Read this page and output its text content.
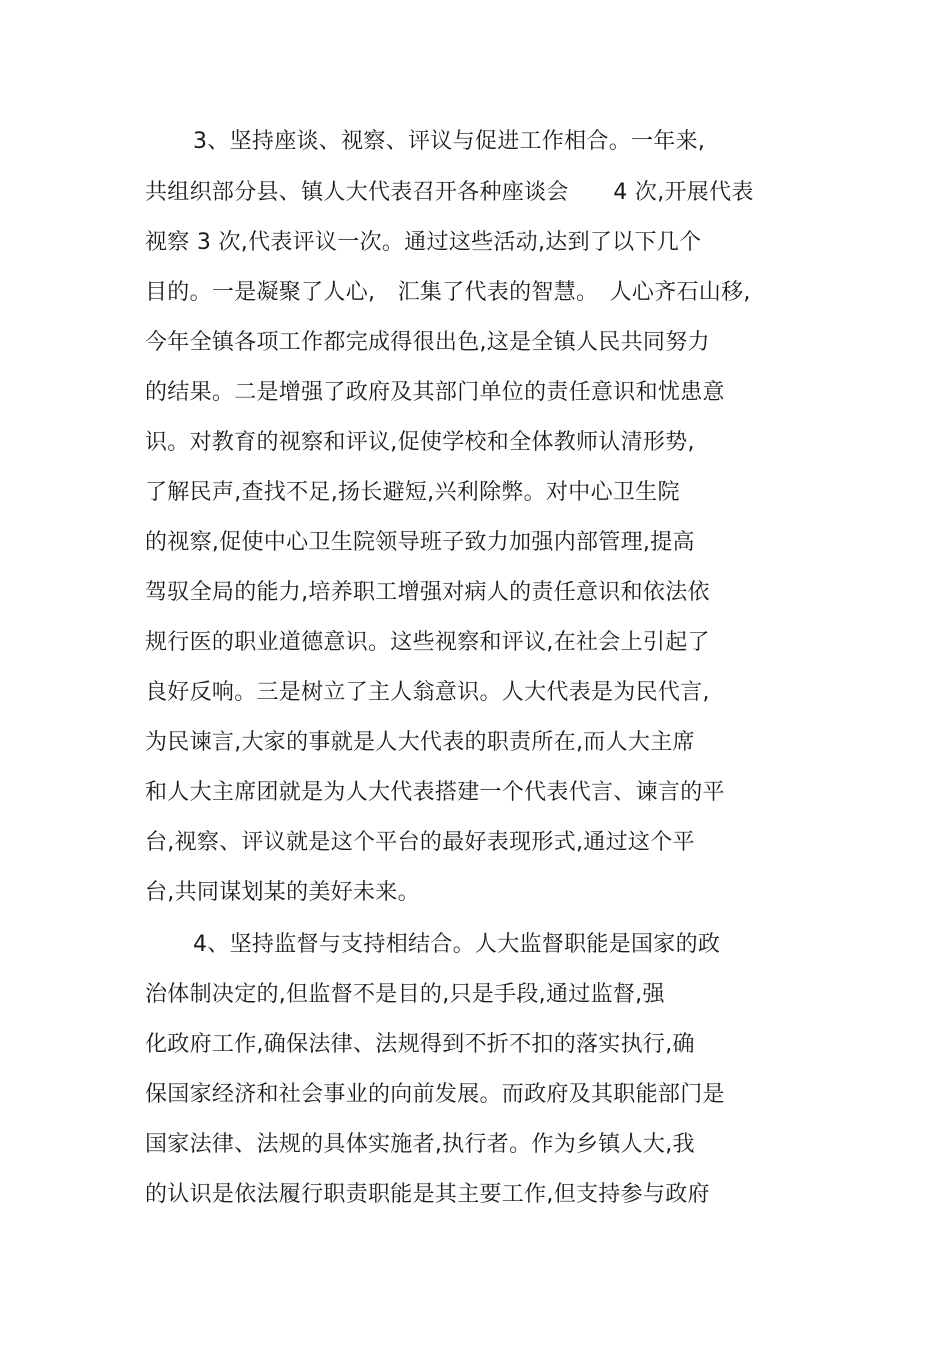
3、坚持座谈、视察、评议与促进工作相合。一年来,
共组织部分县、镇人大代表召开各种座谈会　　4 次,开展代表
视察 3 次,代表评议一次。通过这些活动,达到了以下几个
目的。一是凝聚了人心,　汇集了代表的智慧。　人心齐石山移,
今年全镇各项工作都完成得很出色,这是全镇人民共同努力
的结果。二是增强了政府及其部门单位的责任意识和忧患意
识。对教育的视察和评议,促使学校和全体教师认清形势,
了解民声,查找不足,扬长避短,兴利除弊。对中心卫生院
的视察,促使中心卫生院领导班子致力加强内部管理,提高
驾驭全局的能力,培养职工增强对病人的责任意识和依法依
规行医的职业道德意识。这些视察和评议,在社会上引起了
良好反响。三是树立了主人翁意识。人大代表是为民代言,
为民谏言,大家的事就是人大代表的职责所在,而人大主席
和人大主席团就是为人大代表搭建一个代表代言、谏言的平
台,视察、评议就是这个平台的最好表现形式,通过这个平
台,共同谋划某的美好未来。
4、坚持监督与支持相结合。人大监督职能是国家的政
治体制决定的,但监督不是目的,只是手段,通过监督,强
化政府工作,确保法律、法规得到不折不扣的落实执行,确
保国家经济和社会事业的向前发展。而政府及其职能部门是
国家法律、法规的具体实施者,执行者。作为乡镇人大,我
的认识是依法履行职责职能是其主要工作,但支持参与政府
